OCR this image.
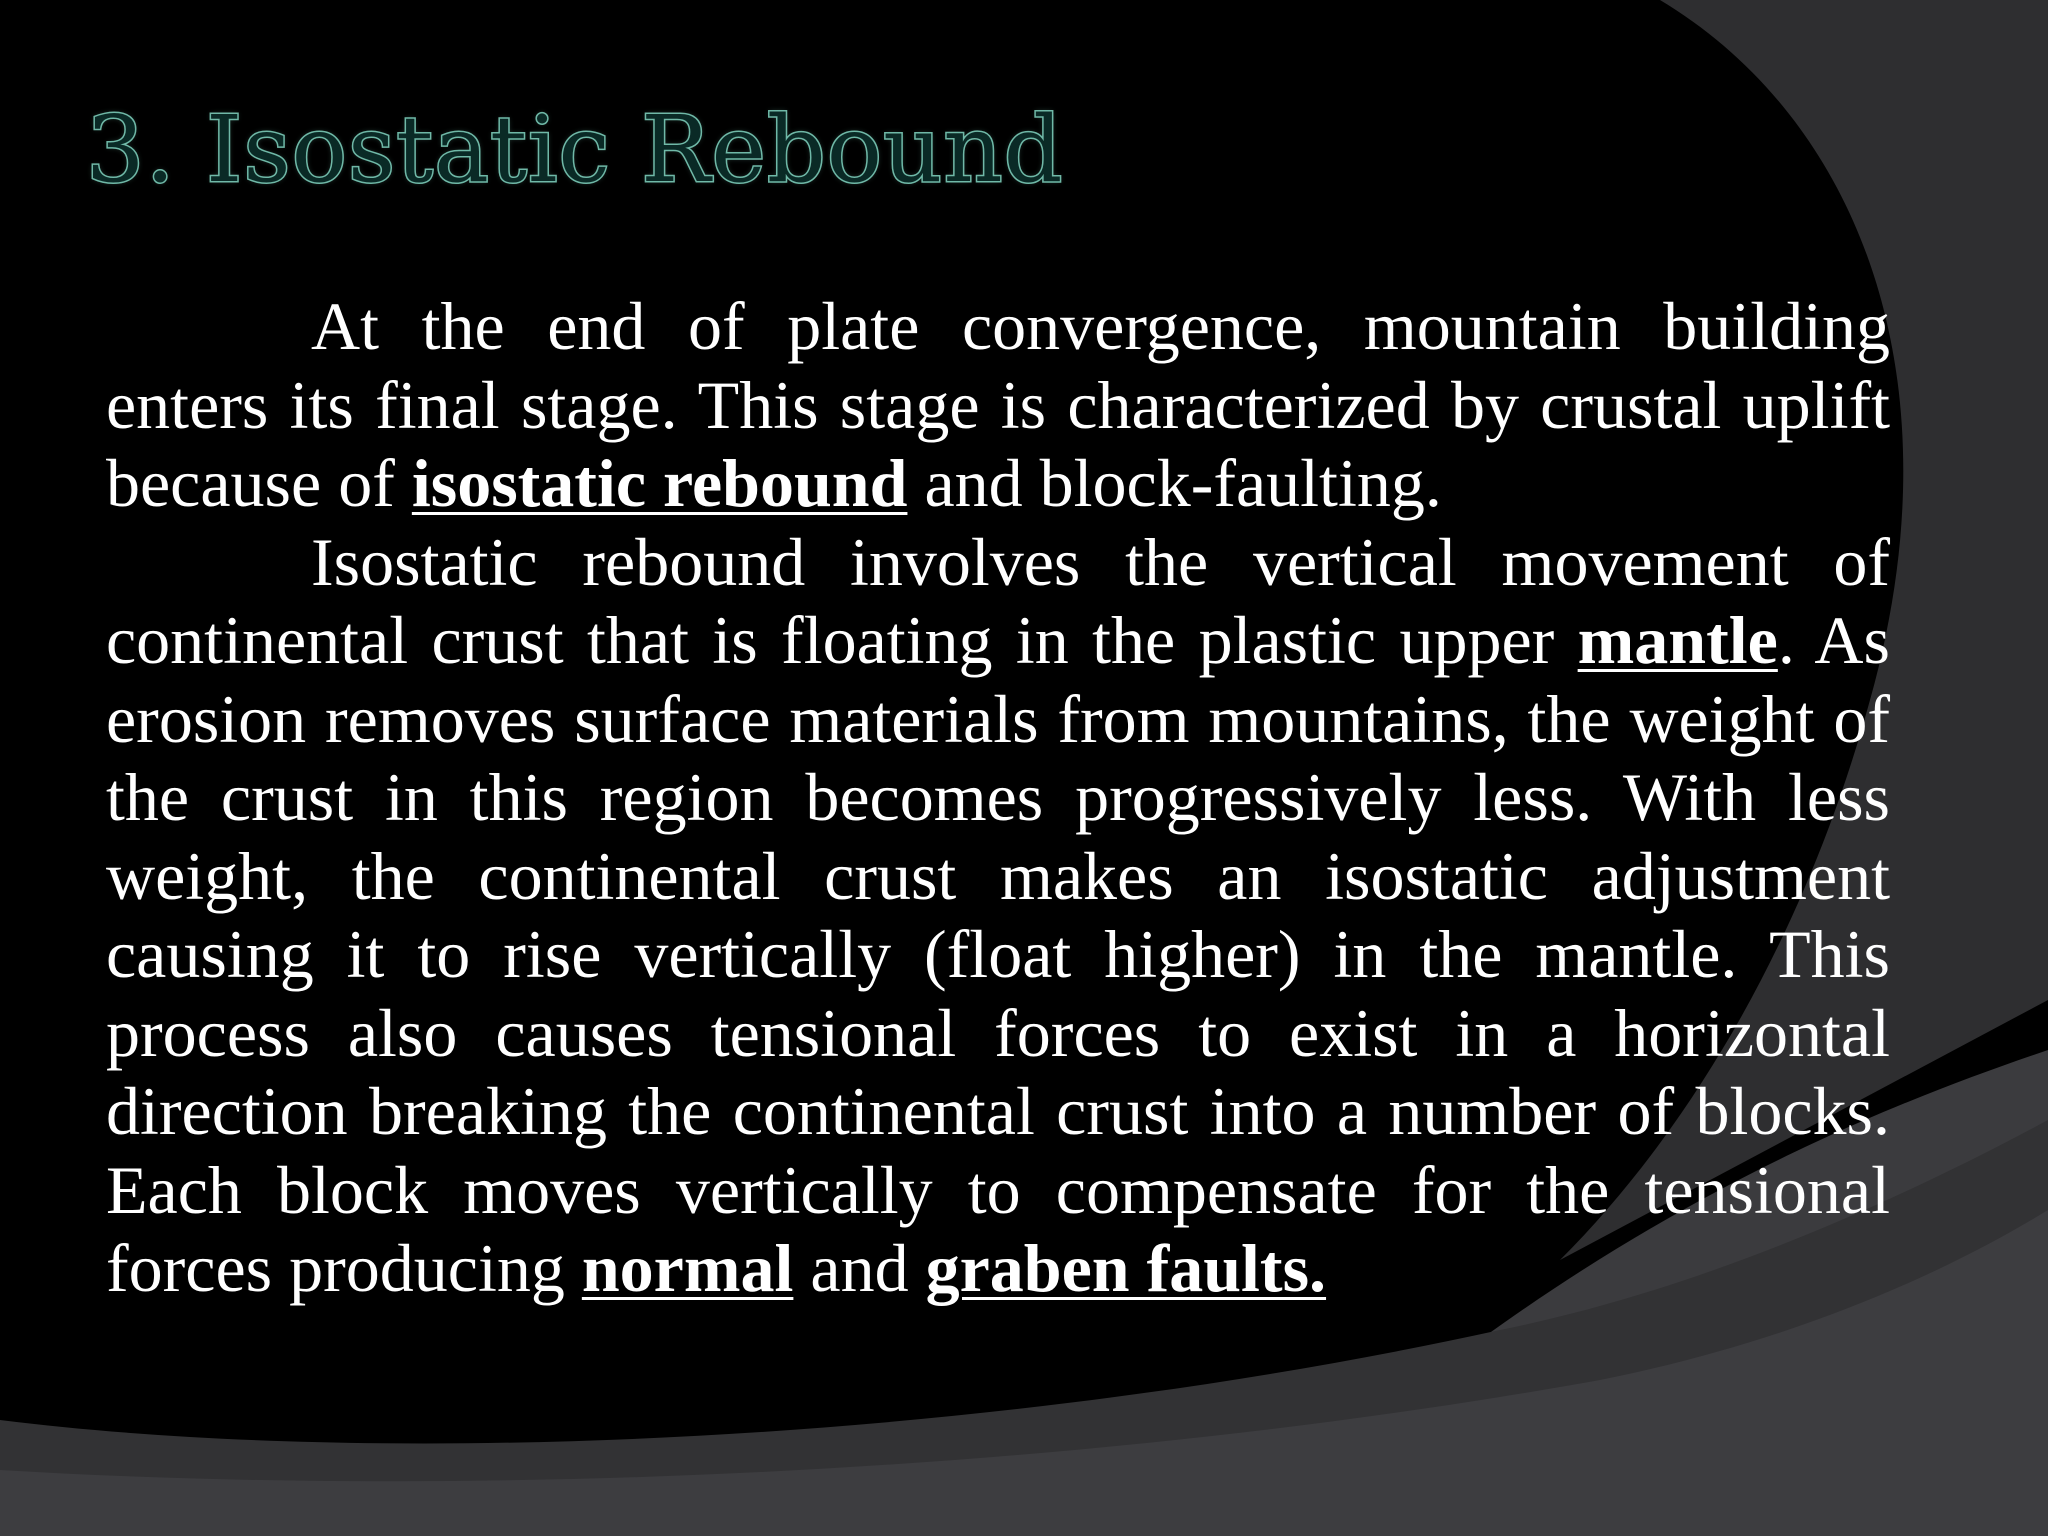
3. Isostatic Rebound

At the end of plate convergence, mountain building enters its final stage. This stage is characterized by crustal uplift because of isostatic rebound and block-faulting.

Isostatic rebound involves the vertical movement of continental crust that is floating in the plastic upper mantle. As erosion removes surface materials from mountains, the weight of the crust in this region becomes progressively less. With less weight, the continental crust makes an isostatic adjustment causing it to rise vertically (float higher) in the mantle. This process also causes tensional forces to exist in a horizontal direction breaking the continental crust into a number of blocks. Each block moves vertically to compensate for the tensional forces producing normal and graben faults.
